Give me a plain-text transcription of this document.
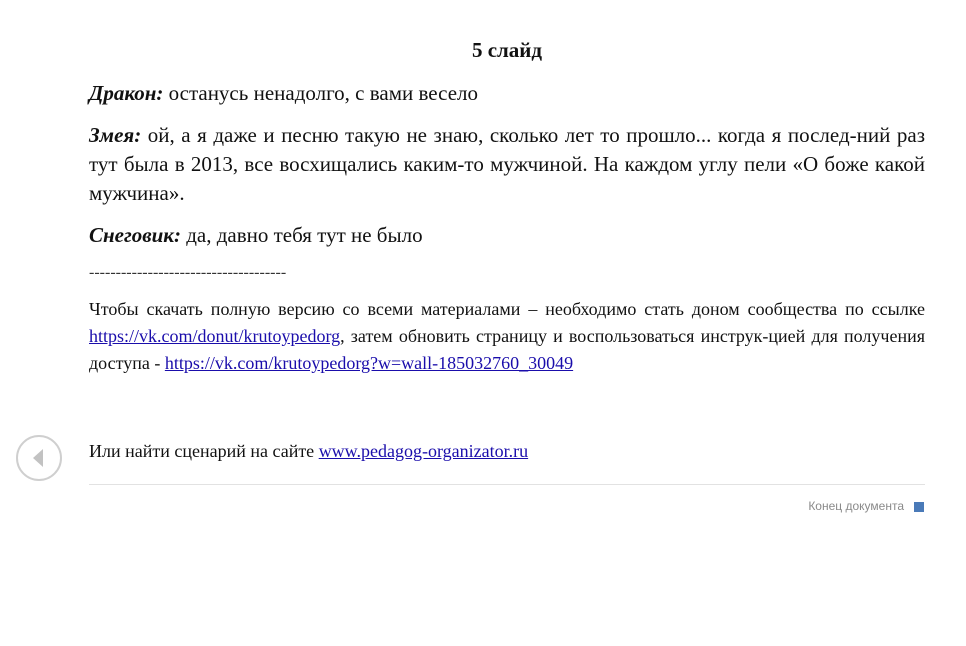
5 слайд

Дракон: останусь ненадолго, с вами весело

Змея: ой, а я даже и песню такую не знаю, сколько лет то прошло... когда я послед-ний раз тут была в 2013, все восхищались каким-то мужчиной. На каждом углу пели «О боже какой мужчина».

Снеговик: да, давно тебя тут не было

-------------------------------------

Чтобы скачать полную версию со всеми материалами – необходимо стать доном сообщества по ссылке https://vk.com/donut/krutoypedorg, затем обновить страницу и воспользоваться инструк-цией для получения доступа - https://vk.com/krutoypedorg?w=wall-185032760_30049

Или найти сценарий на сайте www.pedagog-organizator.ru
Конец документа
